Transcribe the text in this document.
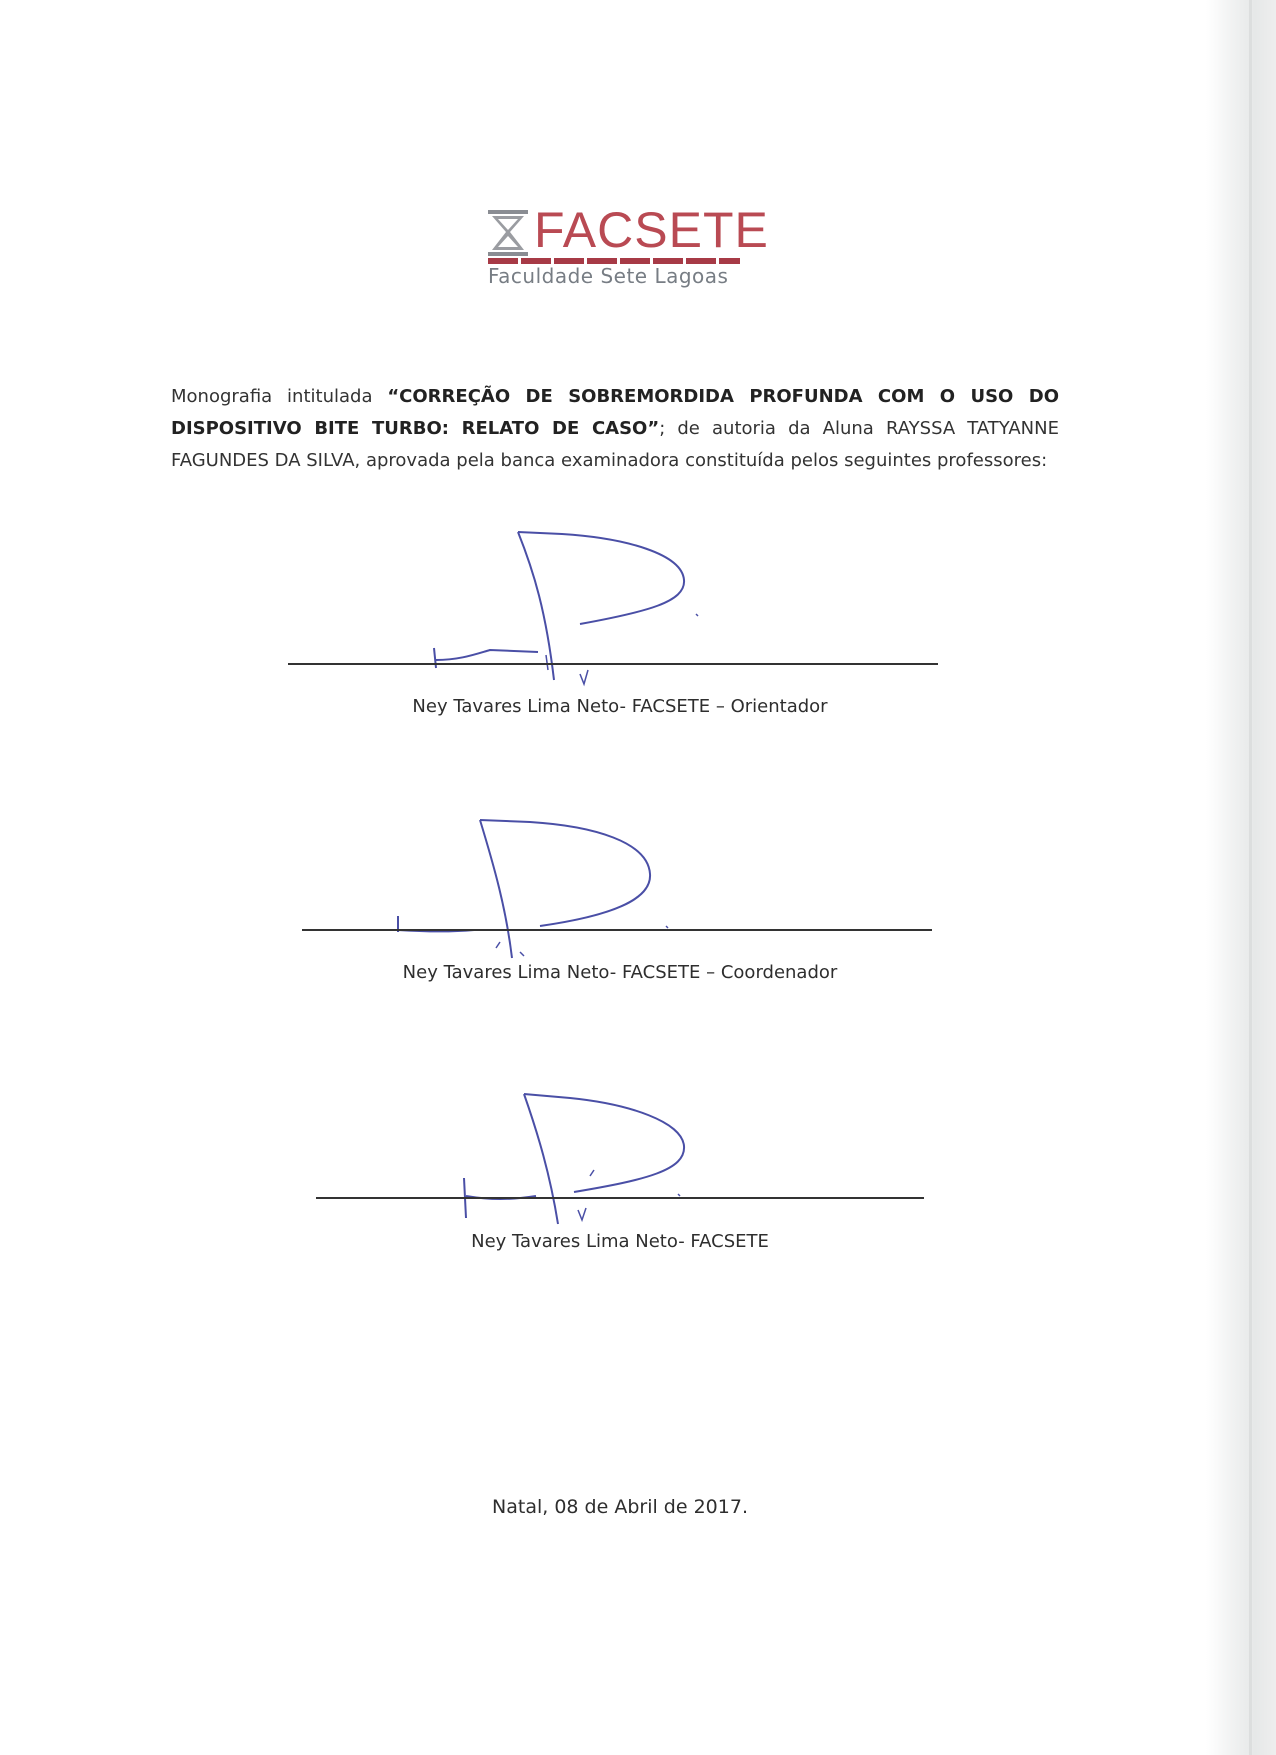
FACSETE
Faculdade Sete Lagoas
Monografia intitulada “CORREÇÃO DE SOBREMORDIDA PROFUNDA COM O USO DO DISPOSITIVO BITE TURBO: RELATO DE CASO”; de autoria da Aluna RAYSSA TATYANNE FAGUNDES DA SILVA, aprovada pela banca examinadora constituída pelos seguintes professores:
Ney Tavares Lima Neto- FACSETE – Orientador
Ney Tavares Lima Neto- FACSETE – Coordenador
Ney Tavares Lima Neto- FACSETE
Natal, 08 de Abril de 2017.
